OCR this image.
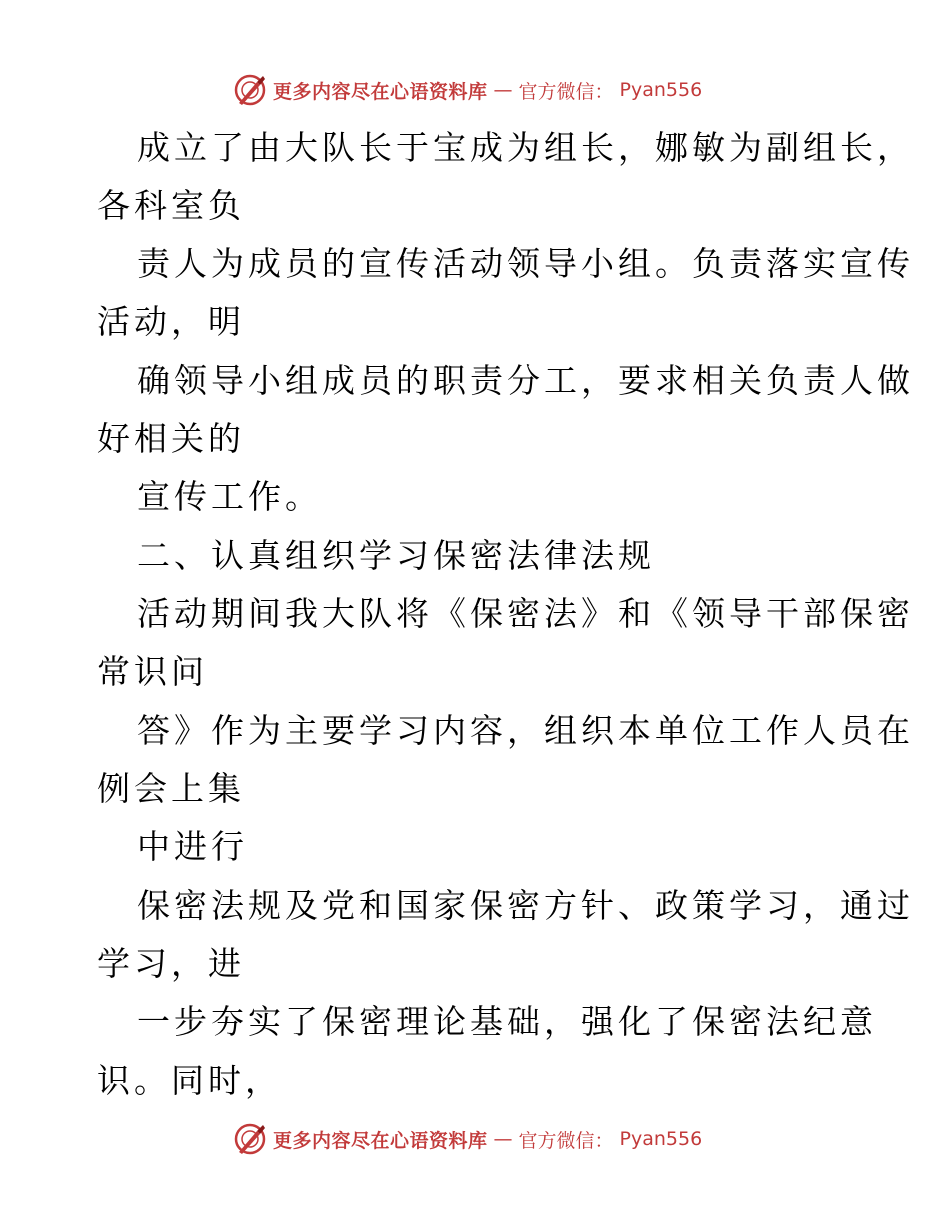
更多内容尽在心语资料库 — 官方微信： Pyan556
成立了由大队长于宝成为组长，娜敏为副组长，
各科室负
责人为成员的宣传活动领导小组。负责落实宣传
活动，明
确领导小组成员的职责分工，要求相关负责人做
好相关的
宣传工作。
二、认真组织学习保密法律法规
活动期间我大队将《保密法》和《领导干部保密
常识问
答》作为主要学习内容，组织本单位工作人员在
例会上集
中进行
保密法规及党和国家保密方针、政策学习，通过
学习，进
一步夯实了保密理论基础，强化了保密法纪意
识。同时，
更多内容尽在心语资料库 — 官方微信： Pyan556
